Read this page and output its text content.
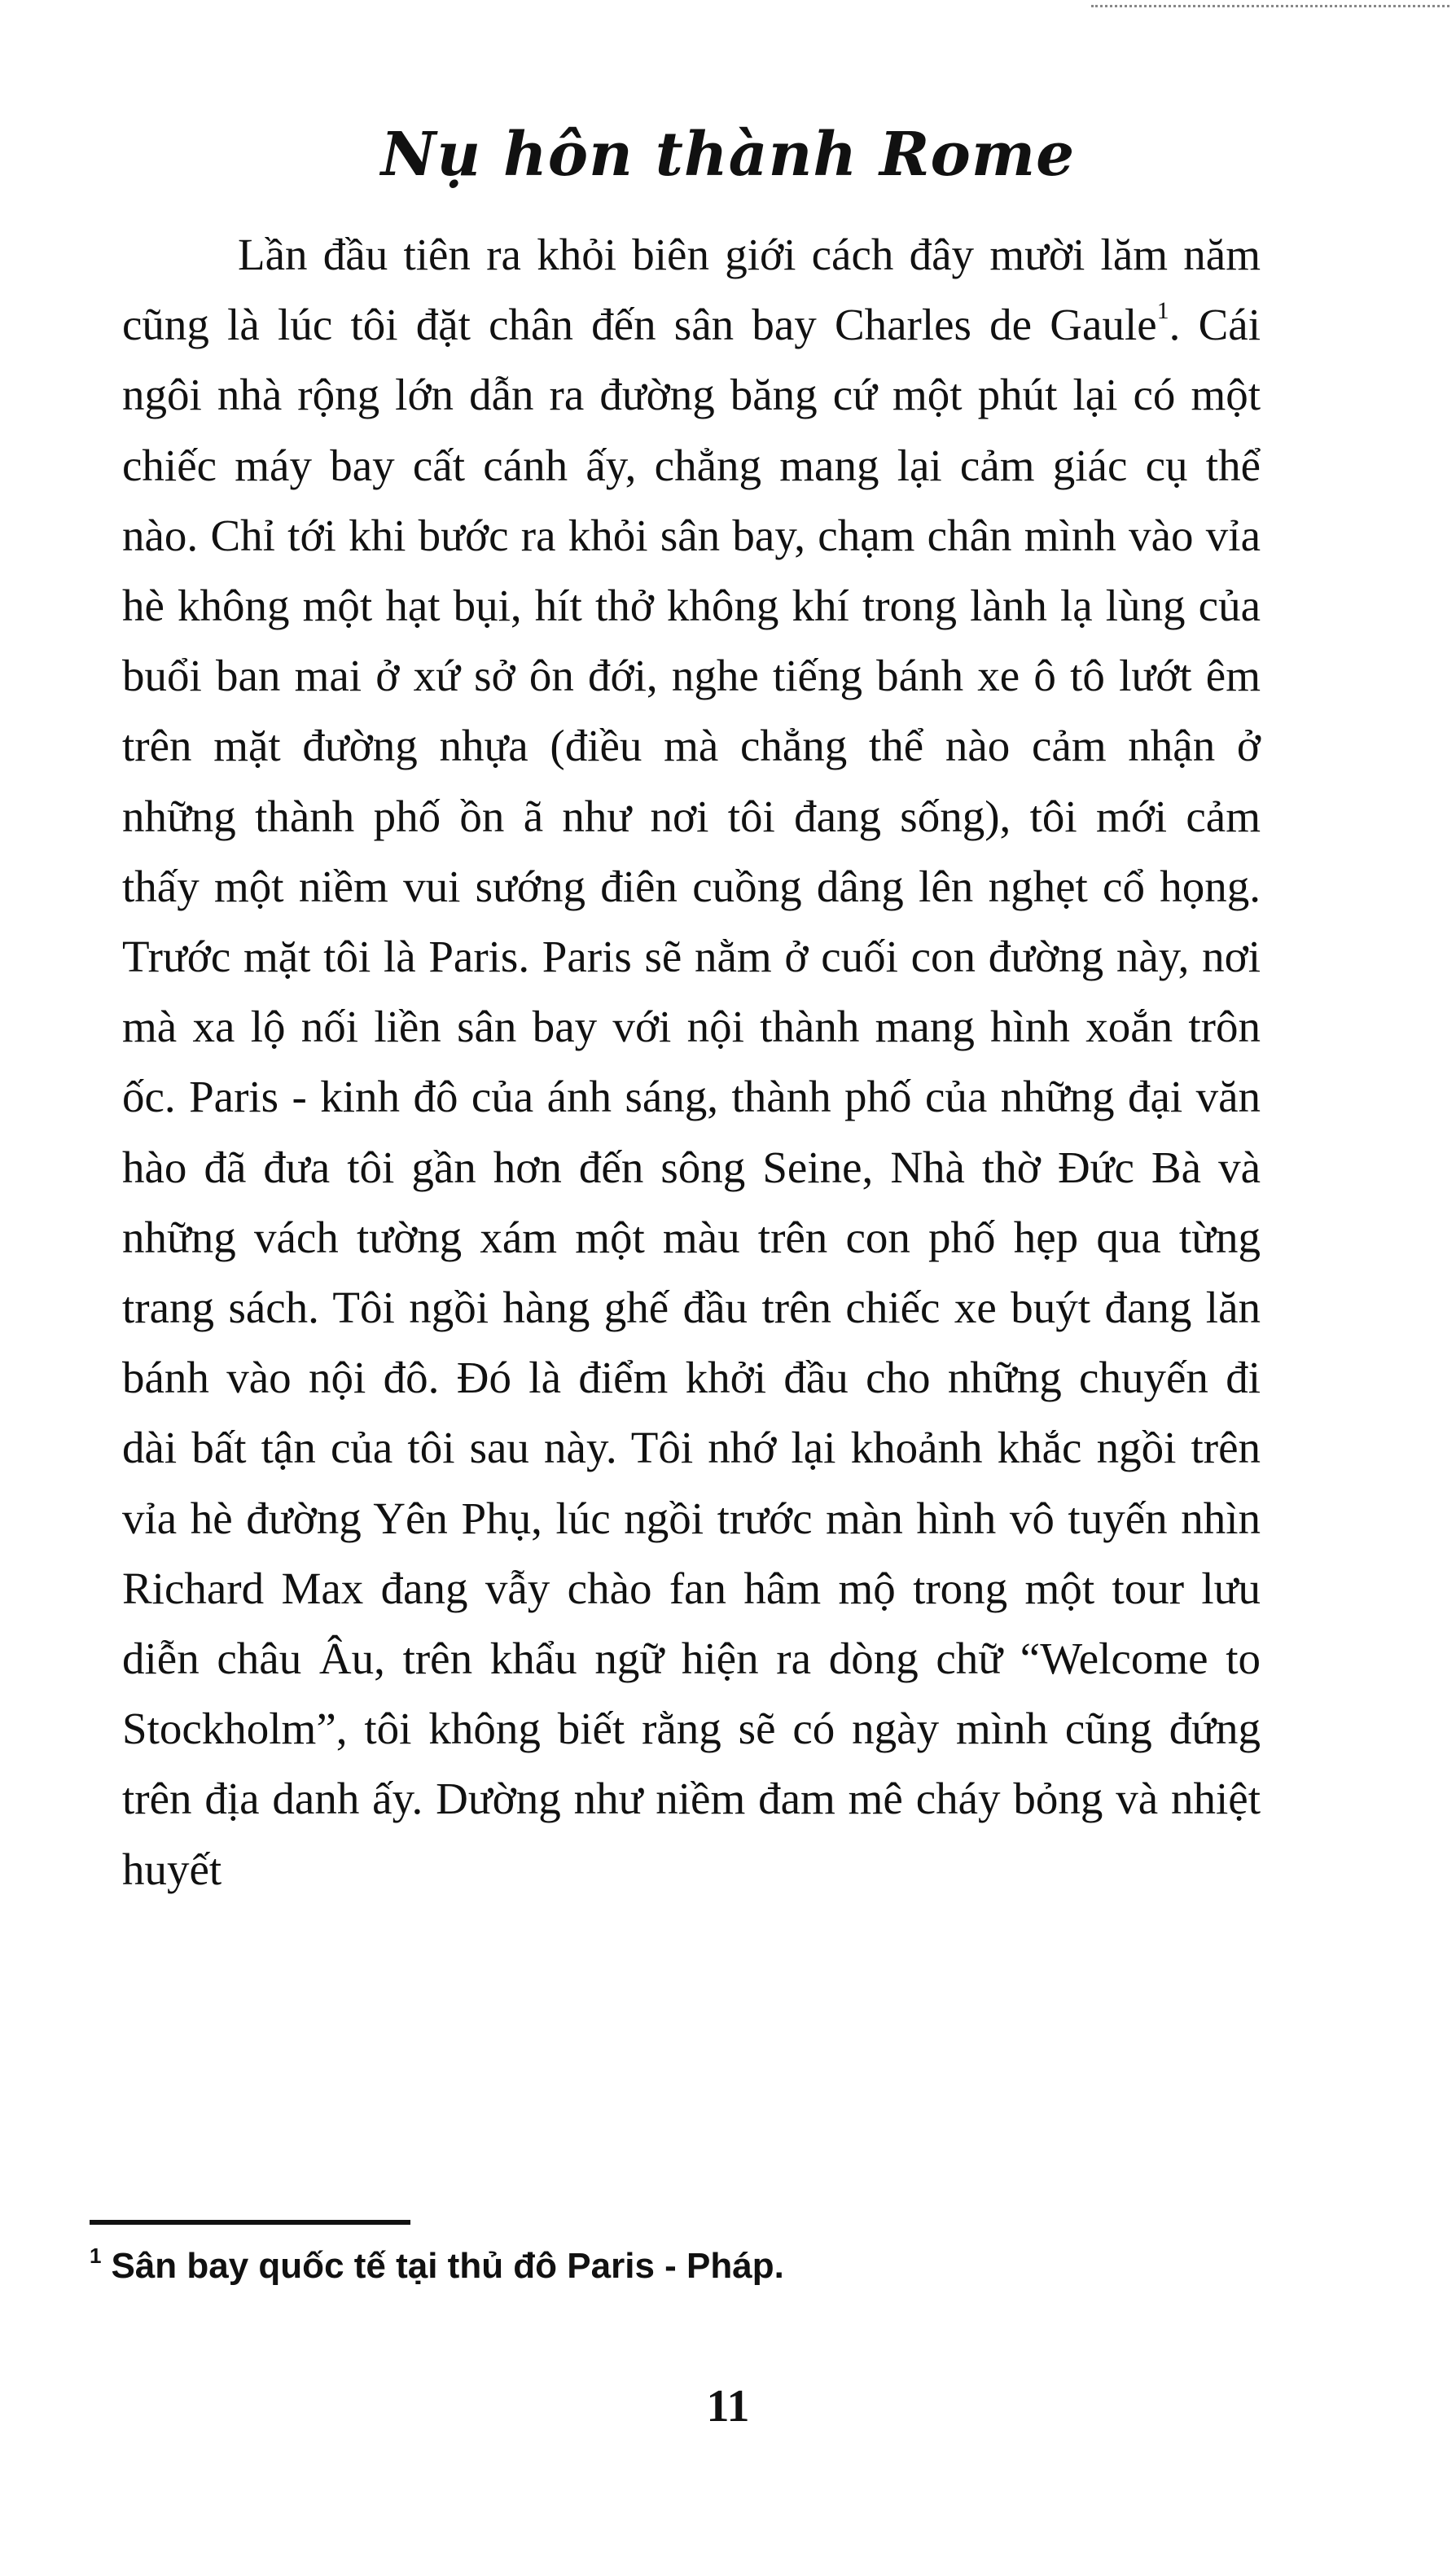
Nụ hôn thành Rome

Lần đầu tiên ra khỏi biên giới cách đây mười lăm năm cũng là lúc tôi đặt chân đến sân bay Charles de Gaule$^1$. Cái ngôi nhà rộng lớn dẫn ra đường băng cứ một phút lại có một chiếc máy bay cất cánh ấy, chẳng mang lại cảm giác cụ thể nào. Chỉ tới khi bước ra khỏi sân bay, chạm chân mình vào vỉa hè không một hạt bụi, hít thở không khí trong lành lạ lùng của buổi ban mai ở xứ sở ôn đới, nghe tiếng bánh xe ô tô lướt êm trên mặt đường nhựa (điều mà chẳng thể nào cảm nhận ở những thành phố ồn ã như nơi tôi đang sống), tôi mới cảm thấy một niềm vui sướng điên cuồng dâng lên nghẹt cổ họng. Trước mặt tôi là Paris. Paris sẽ nằm ở cuối con đường này, nơi mà xa lộ nối liền sân bay với nội thành mang hình xoắn trôn ốc. Paris - kinh đô của ánh sáng, thành phố của những đại văn hào đã đưa tôi gần hơn đến sông Seine, Nhà thờ Đức Bà và những vách tường xám một màu trên con phố hẹp qua từng trang sách. Tôi ngồi hàng ghế đầu trên chiếc xe buýt đang lăn bánh vào nội đô. Đó là điểm khởi đầu cho những chuyến đi dài bất tận của tôi sau này. Tôi nhớ lại khoảnh khắc ngồi trên vỉa hè đường Yên Phụ, lúc ngồi trước màn hình vô tuyến nhìn Richard Max đang vẫy chào fan hâm mộ trong một tour lưu diễn châu Âu, trên khẩu ngữ hiện ra dòng chữ “Welcome to Stockholm”, tôi không biết rằng sẽ có ngày mình cũng đứng trên địa danh ấy. Dường như niềm đam mê cháy bỏng và nhiệt huyết

$^1$ Sân bay quốc tế tại thủ đô Paris - Pháp.
11
